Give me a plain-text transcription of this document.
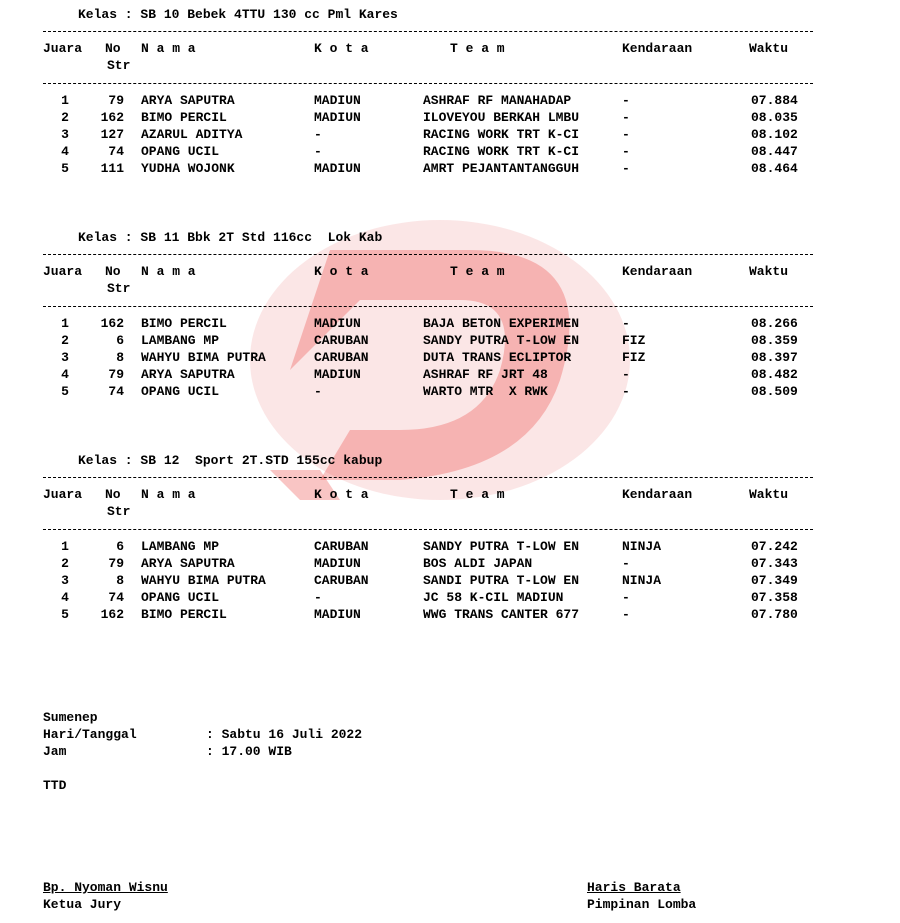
Kelas : SB 10 Bebek 4TTU 130 cc Pml Kares
Juara No
Str
N a m a	K o t a	T e a m	Kendaraan	Waktu
1	79 ARYA SAPUTRA	MADIUN	ASHRAF RF MANAHADAP	-	07.884
2	162 BIMO PERCIL	MADIUN	ILOVEYOU BERKAH LMBU	-	08.035
3	127 AZARUL ADITYA	-	RACING WORK TRT K-CI	-	08.102
4	74 OPANG UCIL	-	RACING WORK TRT K-CI	-	08.447
5	111 YUDHA WOJONK	MADIUN	AMRT PEJANTANTANGGUH	-	08.464
Kelas : SB 11 Bbk 2T Std 116cc  Lok Kab
Juara No
Str
N a m a	K o t a	T e a m	Kendaraan	Waktu
1	162 BIMO PERCIL	MADIUN	BAJA BETON EXPERIMEN	-	08.266
2	6 LAMBANG MP	CARUBAN	SANDY PUTRA T-LOW EN	FIZ	08.359
3	8 WAHYU BIMA PUTRA	CARUBAN	DUTA TRANS ECLIPTOR	FIZ	08.397
4	79 ARYA SAPUTRA	MADIUN	ASHRAF RF JRT 48	-	08.482
5	74 OPANG UCIL	-	WARTO MTR  X RWK	-	08.509
Kelas : SB 12  Sport 2T.STD 155cc kabup
Juara No
Str
N a m a	K o t a	T e a m	Kendaraan	Waktu
1	6 LAMBANG MP	CARUBAN	SANDY PUTRA T-LOW EN	NINJA	07.242
2	79 ARYA SAPUTRA	MADIUN	BOS ALDI JAPAN	-	07.343
3	8 WAHYU BIMA PUTRA	CARUBAN	SANDI PUTRA T-LOW EN	NINJA	07.349
4	74 OPANG UCIL	-	JC 58 K-CIL MADIUN	-	07.358
5	162 BIMO PERCIL	MADIUN	WWG TRANS CANTER 677	-	07.780
Sumenep
Hari/Tanggal	: Sabtu 16 Juli 2022
Jam	: 17.00 WIB
TTD
Bp. Nyoman Wisnu
Ketua Jury
Haris Barata
Pimpinan Lomba
